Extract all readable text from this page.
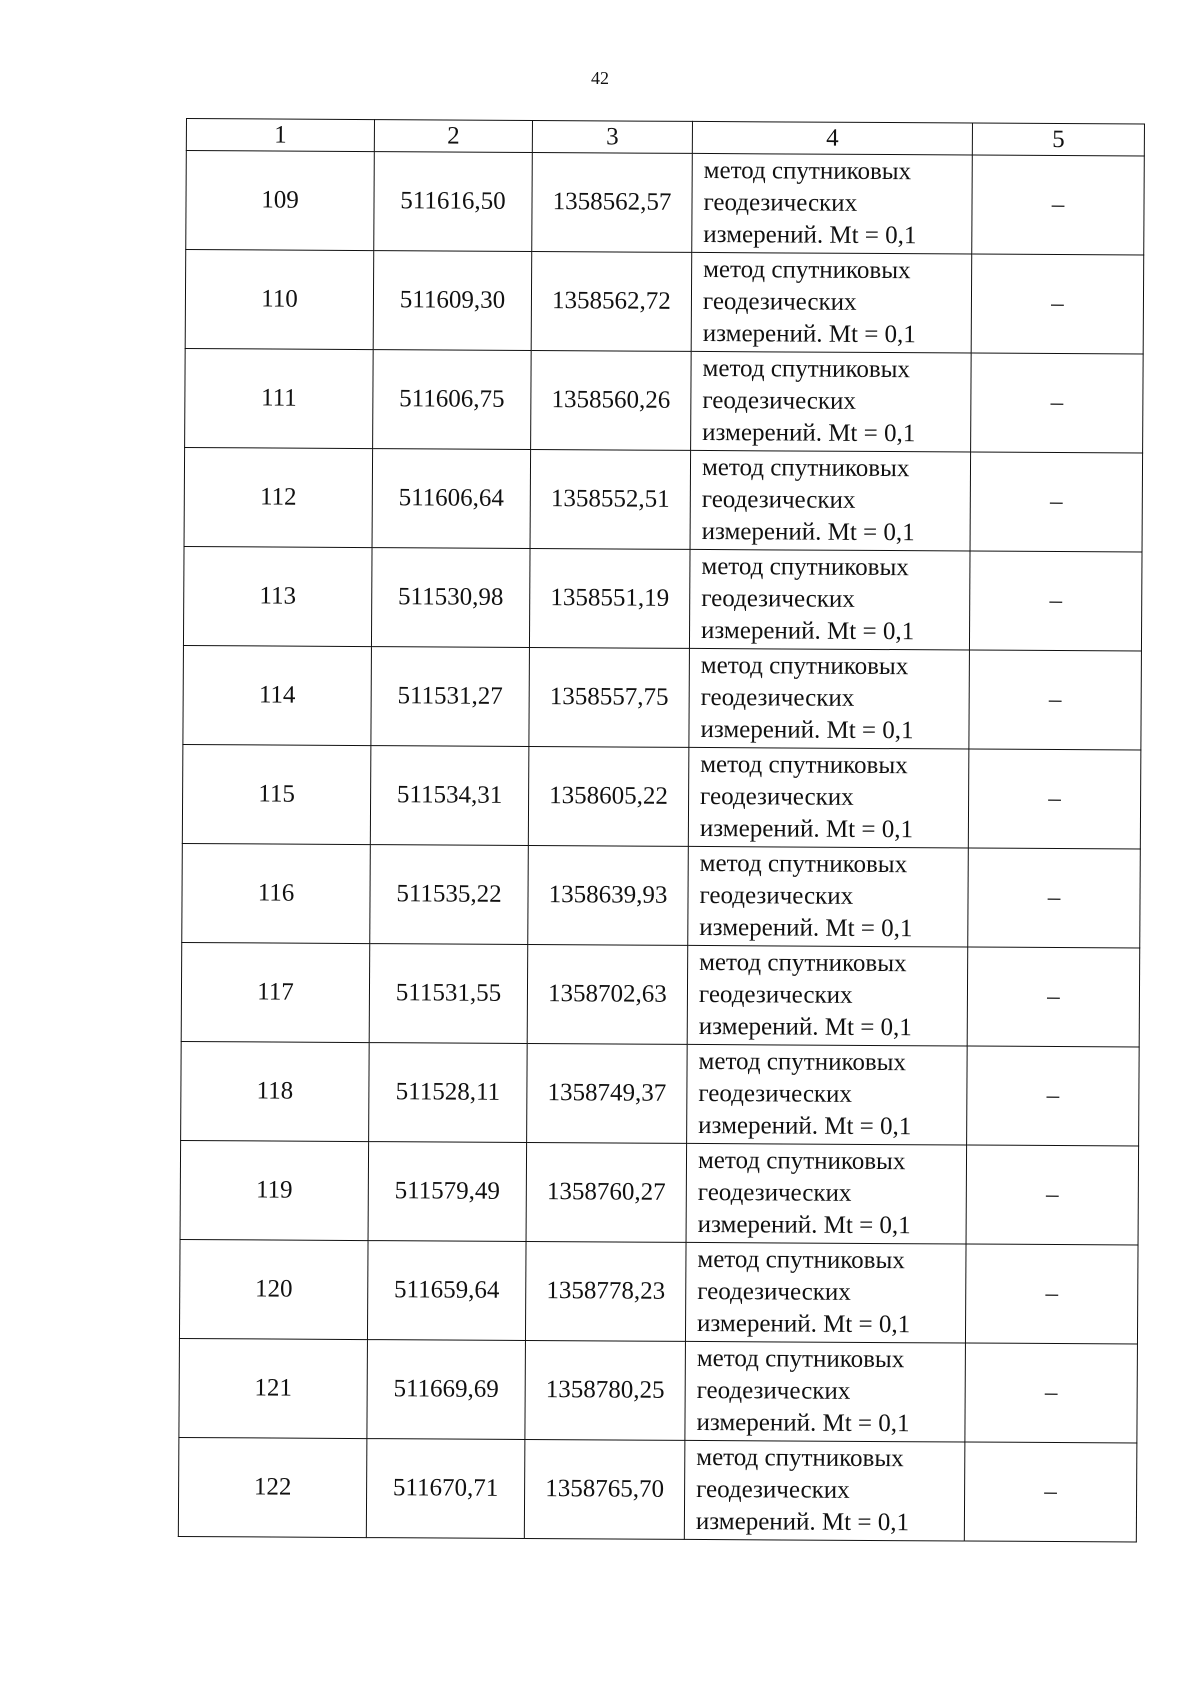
42
1	2	3	4	5
109	511616,50	1358562,57	метод спутниковых
геодезических
измерений. Mt = 0,1	–
110	511609,30	1358562,72	метод спутниковых
геодезических
измерений. Mt = 0,1	–
111	511606,75	1358560,26	метод спутниковых
геодезических
измерений. Mt = 0,1	–
112	511606,64	1358552,51	метод спутниковых
геодезических
измерений. Mt = 0,1	–
113	511530,98	1358551,19	метод спутниковых
геодезических
измерений. Mt = 0,1	–
114	511531,27	1358557,75	метод спутниковых
геодезических
измерений. Mt = 0,1	–
115	511534,31	1358605,22	метод спутниковых
геодезических
измерений. Mt = 0,1	–
116	511535,22	1358639,93	метод спутниковых
геодезических
измерений. Mt = 0,1	–
117	511531,55	1358702,63	метод спутниковых
геодезических
измерений. Mt = 0,1	–
118	511528,11	1358749,37	метод спутниковых
геодезических
измерений. Mt = 0,1	–
119	511579,49	1358760,27	метод спутниковых
геодезических
измерений. Mt = 0,1	–
120	511659,64	1358778,23	метод спутниковых
геодезических
измерений. Mt = 0,1	–
121	511669,69	1358780,25	метод спутниковых
геодезических
измерений. Mt = 0,1	–
122	511670,71	1358765,70	метод спутниковых
геодезических
измерений. Mt = 0,1	–
